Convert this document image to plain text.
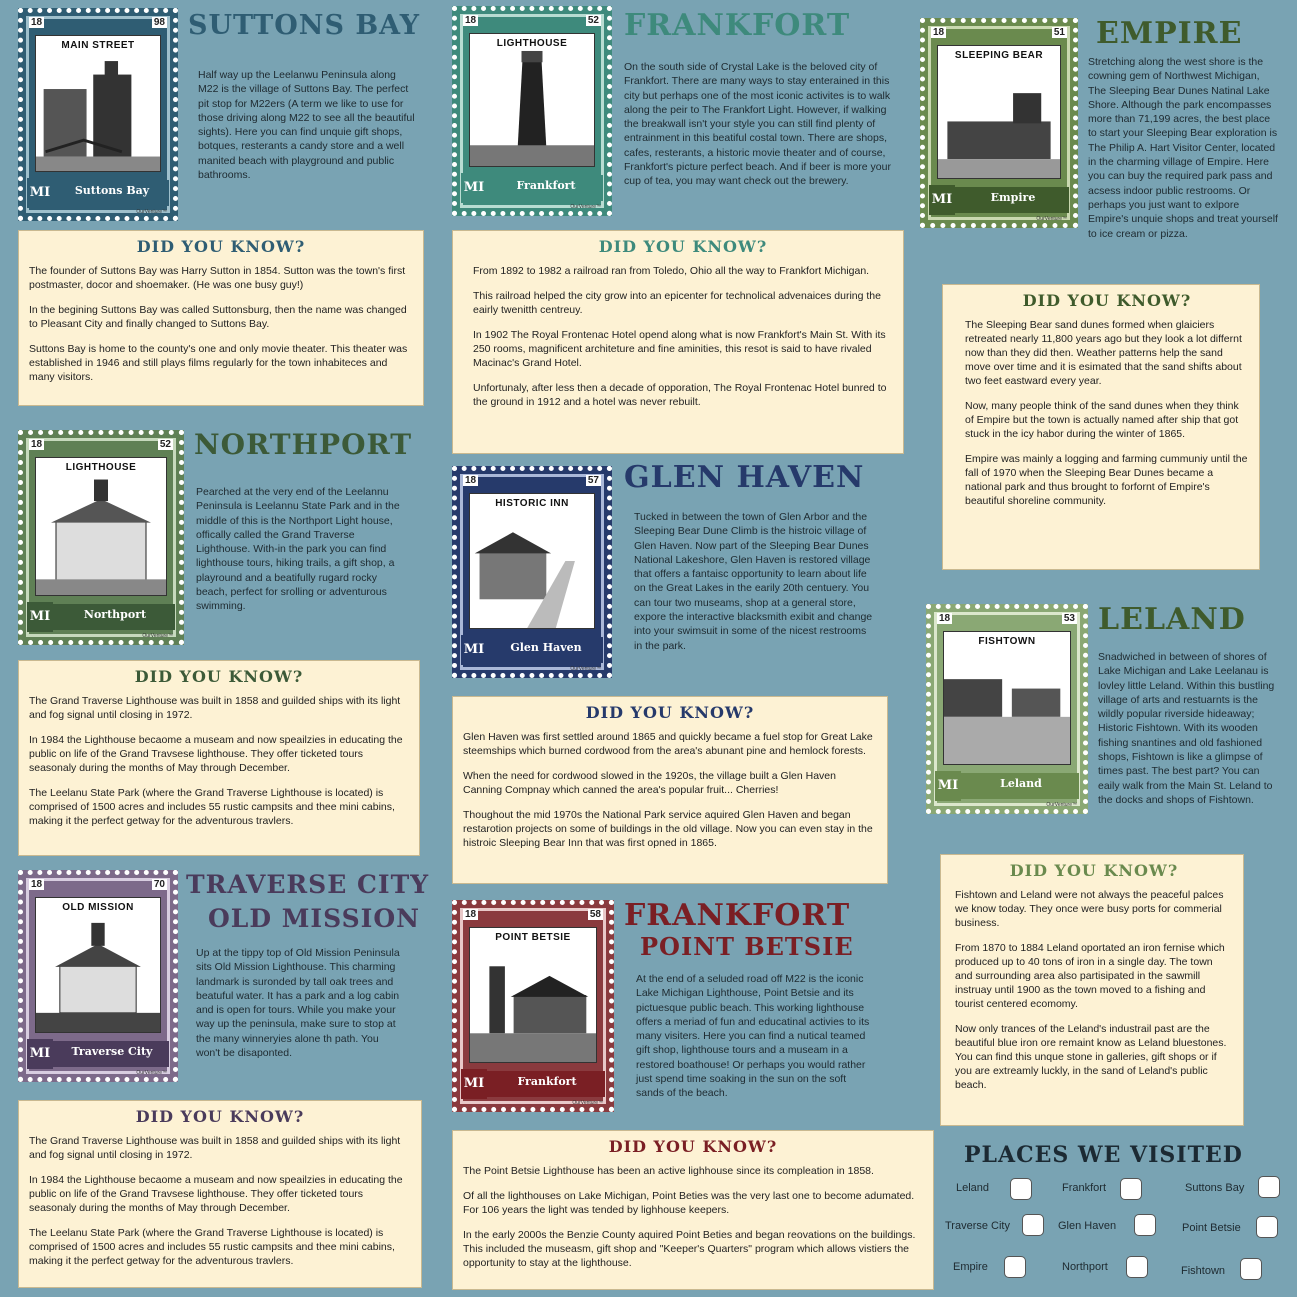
18	98
MAIN STREET
MI	Suttons Bay
OurVenture™
SUTTONS BAY
Half way up the Leelanwu Peninsula along M22 is the village of Suttons Bay. The perfect pit stop for M22ers (A term we like to use for those driving along M22 to see all the beautiful sights). Here you can find unquie gift shops, botques, resterants a candy store and a well manited beach with playground and public bathrooms.
DID YOU KNOW?

The founder of Suttons Bay was Harry Sutton in 1854. Sutton was the town's first postmaster, docor and shoemaker. (He was one busy guy!)

In the begining Suttons Bay was called Suttonsburg, then the name was changed to Pleasant City and finally changed to Suttons Bay.

Suttons Bay is home to the county's one and only movie theater. This theater was established in 1946 and still plays films regularly for the town inhabiteces and many visitors.

18	52
LIGHTHOUSE
MI	Frankfort
OurVenture™
FRANKFORT
On the south side of Crystal Lake is the beloved city of Frankfort. There are many ways to stay enterained in this city but perhaps one of the most iconic activites is to walk along the peir to The Frankfort Light. However, if walking the breakwall isn't your style you can still find plenty of entrainment in this beatiful costal town. There are shops, cafes, resterants, a historic movie theater and of course, Frankfort's picture perfect beach. And if beer is more your cup of tea, you may want check out the brewery.
DID YOU KNOW?

From 1892 to 1982 a railroad ran from Toledo, Ohio all the way to Frankfort Michigan.

This railroad helped the city grow into an epicenter for technolical advenaices during the eairly twenitth centreuy.

In 1902 The Royal Frontenac Hotel opend along what is now Frankfort's Main St. With its 250 rooms, magnificent architeture and fine aminities, this resot is said to have rivaled Macinac's Grand Hotel.

Unfortunaly, after less then a decade of opporation, The Royal Frontenac Hotel bunred to the ground in 1912 and a hotel was never rebuilt.

18	51
SLEEPING BEAR
MI	Empire
OurVenture™
EMPIRE
Stretching along the west shore is the cowning gem of Northwest Michigan, The Sleeping Bear Dunes Natinal Lake Shore. Although the park encompasses more than 71,199 acres, the best place to start your Sleeping Bear exploration is The Philip A. Hart Visitor Center, located in the charming village of Empire. Here you can buy the required park pass and acsess indoor public restrooms. Or perhaps you just want to exlpore Empire's unquie shops and treat yourself to ice cream or pizza.
DID YOU KNOW?

The Sleeping Bear sand dunes formed when glaiciers retreated nearly 11,800 years ago but they look a lot differnt now than they did then. Weather patterns help the sand move over time and it is esimated that the sand shifts about two feet eastward every year.

Now, many people think of the sand dunes when they think of Empire but the town is actually named after ship that got stuck in the icy habor during the winter of 1865.

Empire was mainly a logging and farming cummuniy until the fall of 1970 when the Sleeping Bear Dunes became a national park and thus brought to forfornt of Empire's beautiful shoreline community.

18	52
LIGHTHOUSE
MI	Northport
OurVenture™
NORTHPORT
Pearched at the very end of the Leelannu Peninsula is Leelannu State Park and in the middle of this is the Northport Light house, offically called the Grand Traverse Lighthouse. With-in the park you can find lighthouse tours, hiking trails, a gift shop, a playround and a beatifully rugard rocky beach, perfect for srolling or adventurous swimming.
DID YOU KNOW?

The Grand Traverse Lighthouse was built in 1858 and guilded ships with its light and fog signal until closing in 1972.

In 1984 the Lighthouse becaome a museam and now speailzies in educating the public on life of the Grand Travsese lighthouse. They offer ticketed tours seasonaly during the months of May through December.

The Leelanu State Park (where the Grand Traverse Lighthouse is located) is comprised of 1500 acres and includes 55 rustic campsits and thee mini cabins, making it the perfect getway for the adventurous travlers.

18	57
HISTORIC INN
MI	Glen Haven
OurVenture™
GLEN HAVEN
Tucked in between the town of Glen Arbor and the Sleeping Bear Dune Climb is the histroic village of Glen Haven. Now part of the Sleeping Bear Dunes National Lakeshore, Glen Haven is restored village that offers a fantaisc opportunity to learn about life on the Great Lakes in the earily 20th centuery. You can tour two museams, shop at a general store, expore the interactive blacksmith exibit and change into your swimsuit in some of the nicest restrooms in the park.
DID YOU KNOW?

Glen Haven was first settled around 1865 and quickly became a fuel stop for Great Lake steemships which burned cordwood from the area's abunant pine and hemlock forests.

When the need for cordwood slowed in the 1920s, the village built a Glen Haven Canning Compnay which canned the area's popular fruit... Cherries!

Thoughout the mid 1970s the National Park service aquired Glen Haven and began restarotion projects on some of buildings in the old village. Now you can even stay in the histroic Sleeping Bear Inn that was first opned in 1865.

18	53
FISHTOWN
MI	Leland
OurVenture™
LELAND
Snadwiched in between of shores of Lake Michigan and Lake Leelanau is lovley little Leland. Within this bustling village of arts and restuarnts is the wildly popular riverside hideaway; Historic Fishtown. With its wooden fishing snantines and old fashioned shops, Fishtown is like a glimpse of times past. The best part? You can eaily walk from the Main St. Leland to the docks and shops of Fishtown.
DID YOU KNOW?

Fishtown and Leland were not always the peaceful palces we know today. They once were busy ports for commerial business.

From 1870 to 1884 Leland oportated an iron fernise which produced up to 40 tons of iron in a single day. The town and surrounding area also partisipated in the sawmill instruay until 1900 as the town moved to a fishing and tourist centered ecomomy.

Now only trances of the Leland's industrail past are the beautiful blue iron ore remaint know as Leland bluestones. You can find this unque stone in galleries, gift shops or if you are extreamly luckly, in the sand of Leland's public beach.

18	70
OLD MISSION
MI	Traverse City
OurVenture™
TRAVERSE CITY
OLD MISSION
Up at the tippy top of Old Mission Peninsula sits Old Mission Lighthouse. This charming landmark is suronded by tall oak trees and beatuful water. It has a park and a log cabin and is open for tours. While you make your way up the peninsula, make sure to stop at the many winneryies alone th path. You won't be disaponted.
DID YOU KNOW?

The Grand Traverse Lighthouse was built in 1858 and guilded ships with its light and fog signal until closing in 1972.

In 1984 the Lighthouse becaome a museam and now speailzies in educating the public on life of the Grand Travsese lighthouse. They offer ticketed tours seasonaly during the months of May through December.

The Leelanu State Park (where the Grand Traverse Lighthouse is located) is comprised of 1500 acres and includes 55 rustic campsits and thee mini cabins, making it the perfect getway for the adventurous travlers.

18	58
POINT BETSIE
MI	Frankfort
OurVenture™
FRANKFORT
POINT BETSIE
At the end of a seluded road off M22 is the iconic Lake Michigan Lighthouse, Point Betsie and its pictuesque public beach. This working lighthouse offers a meriad of fun and educatinal activies to its many visiters. Here you can find a nutical teamed gift shop, lighthouse tours and a museam in a restored boathouse! Or perhaps you would rather just spend time soaking in the sun on the soft sands of the beach.
DID YOU KNOW?

The Point Betsie Lighthouse has been an active lighhouse since its compleation in 1858.

Of all the lighthouses on Lake Michigan, Point Beties was the very last one to become adumated. For 106 years the light was tended by lighhouse keepers.

In the early 2000s the Benzie County aquired Point Beties and began reovations on the buildings. This included the museasm, gift shop and "Keeper's Quarters" program which allows vistiers the opportunity to stay at the lighthouse.

PLACES WE VISITED
Leland	Frankfort	Suttons Bay
Traverse City	Glen Haven	Point Betsie
Empire	Northport	Fishtown
